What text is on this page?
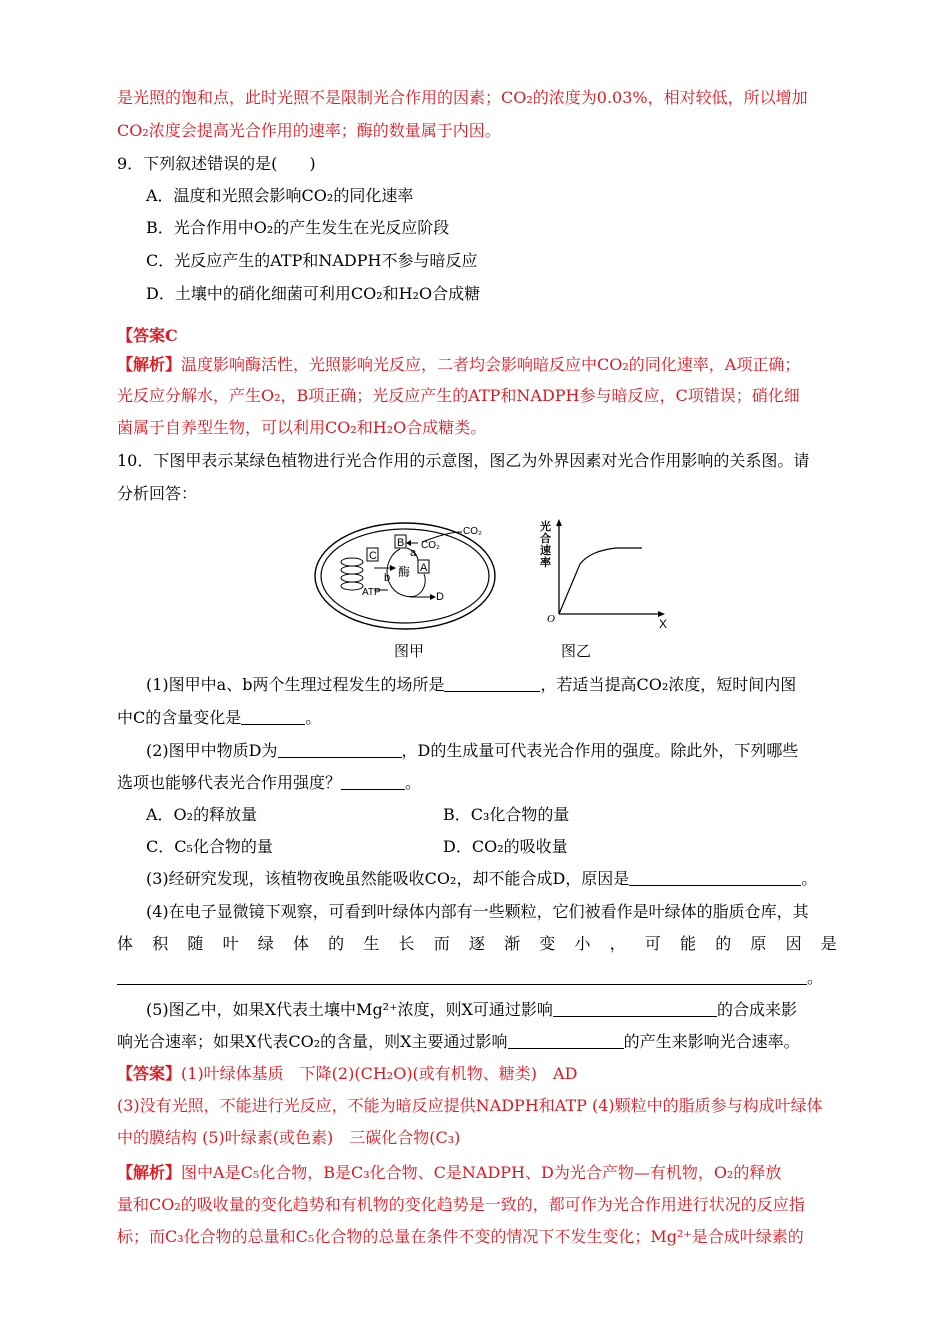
是光照的饱和点，此时光照不是限制光合作用的因素；CO₂的浓度为0.03%，相对较低，所以增加
CO₂浓度会提高光合作用的速率；酶的数量属于内因。
9．下列叙述错误的是(　　)
A．温度和光照会影响CO₂的同化速率
B．光合作用中O₂的产生发生在光反应阶段
C．光反应产生的ATP和NADPH不参与暗反应
D．土壤中的硝化细菌可利用CO₂和H₂O合成糖
【答案C
【解析】温度影响酶活性，光照影响光反应，二者均会影响暗反应中CO₂的同化速率，A项正确；
光反应分解水，产生O₂，B项正确；光反应产生的ATP和NADPH参与暗反应，C项错误；硝化细
菌属于自养型生物，可以利用CO₂和H₂O合成糖类。
10．下图甲表示某绿色植物进行光合作用的示意图，图乙为外界因素对光合作用影响的关系图。请
分析回答：
C
ATP
B
A
酶
a
b
CO₂
CO₂
D
图甲
光
合
速
率
O	X
图乙
(1)图甲中a、b两个生理过程发生的场所是	，若适当提高CO₂浓度，短时间内图
中C的含量变化是	。
(2)图甲中物质D为	，D的生成量可代表光合作用的强度。除此外，下列哪些
选项也能够代表光合作用强度？	。
A．O₂的释放量	B．C₃化合物的量
C．C₅化合物的量	D．CO₂的吸收量
(3)经研究发现，该植物夜晚虽然能吸收CO₂，却不能合成D，原因是	。
(4)在电子显微镜下观察，可看到叶绿体内部有一些颗粒，它们被看作是叶绿体的脂质仓库，其
体 积 随 叶 绿 体 的 生 长 而 逐 渐 变 小 ， 可 能 的 原 因 是
。
(5)图乙中，如果X代表土壤中Mg²⁺浓度，则X可通过影响	的合成来影
响光合速率；如果X代表CO₂的含量，则X主要通过影响	的产生来影响光合速率。
【答案】(1)叶绿体基质　下降(2)(CH₂O)(或有机物、糖类)　AD
(3)没有光照，不能进行光反应，不能为暗反应提供NADPH和ATP (4)颗粒中的脂质参与构成叶绿体
中的膜结构 (5)叶绿素(或色素)　三碳化合物(C₃)
【解析】图中A是C₅化合物，B是C₃化合物、C是NADPH、D为光合产物—有机物，O₂的释放
量和CO₂的吸收量的变化趋势和有机物的变化趋势是一致的，都可作为光合作用进行状况的反应指
标；而C₃化合物的总量和C₅化合物的总量在条件不变的情况下不发生变化；Mg²⁺是合成叶绿素的
